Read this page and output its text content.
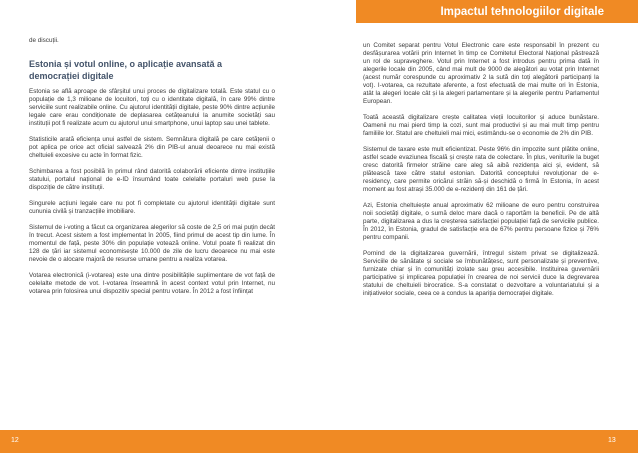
Impactul tehnologiilor digitale

de discuții.

Estonia și votul online, o aplicație avansată a democrației digitale

Estonia se află aproape de sfârșitul unui proces de digitalizare totală. Este statul cu o populație de 1,3 milioane de locuitori, toți cu o identitate digitală, în care 99% dintre serviciile sunt realizabile online. Cu ajutorul identității digitale, peste 90% dintre acțiunile legale care erau condiționate de deplasarea cetățeanului la anumite societăți sau instituții pot fi realizate acum cu ajutorul unui smartphone, unui laptop sau unei tablete.

Statisticile arată eficiența unui astfel de sistem. Semnătura digitală pe care cetățenii o pot aplica pe orice act oficial salvează 2% din PIB-ul anual deoarece nu mai există cheltuieli excesive cu acte în format fizic.

Schimbarea a fost posibilă în primul rând datorită colaborării eficiente dintre instituțiile statului, portalul național de e-ID însumând toate celelalte portaluri web puse la dispoziție de către instituții.

Singurele acțiuni legale care nu pot fi completate cu ajutorul identității digitale sunt cununia civilă și tranzacțiile imobiliare.

Sistemul de i-voting a făcut ca organizarea alegerilor să coste de 2,5 ori mai puțin decât în trecut. Acest sistem a fost implementat în 2005, fiind primul de acest tip din lume. În momentul de față, peste 30% din populație votează online. Votul poate fi realizat din 128 de țări iar sistemul economisește 10.000 de zile de lucru deoarece nu mai este nevoie de o alocare majoră de resurse umane pentru a realiza votarea.

Votarea electronică (i-votarea) este una dintre posibilitățile suplimentare de vot față de celelalte metode de vot. I-votarea înseamnă în acest context votul prin Internet, nu votarea prin folosirea unui dispozitiv special pentru votare. În 2012 a fost înființat

un Comitet separat pentru Votul Electronic care este responsabil în prezent cu desfășurarea votării prin Internet în timp ce Comitetul Electoral Național păstrează un rol de supraveghere. Votul prin Internet a fost introdus pentru prima dată în alegerile locale din 2005, când mai mult de 9000 de alegători au votat prin Internet (acest număr corespunde cu aproximativ 2 la sută din toți alegătorii participanți la vot). I-votarea, ca rezultate aferente, a fost efectuată de mai multe ori în Estonia, atât la alegeri locale cât și la alegeri parlamentare și la alegerile pentru Parlamentul European.

Toată această digitalizare crește calitatea vieții locuitorilor și aduce bunăstare. Oamenii nu mai pierd timp la cozi, sunt mai productivi și au mai mult timp pentru familiile lor. Statul are cheltuieli mai mici, estimându-se o economie de 2% din PIB.

Sistemul de taxare este mult eficientizat. Peste 96% din impozite sunt plătite online, astfel scade evaziunea fiscală și crește rata de colectare. În plus, veniturile la buget cresc datorită firmelor străine care aleg să aibă rezidența aici și, evident, să plătească taxe către statul estonian. Datorită conceptului revoluționar de e-residency, care permite oricărui străin să-și deschidă o firmă în Estonia, în acest moment au fost atrași 35.000 de e-rezidenți din 161 de țări.

Azi, Estonia cheltuiește anual aproximativ 62 milioane de euro pentru construirea noii societăți digitale, o sumă deloc mare dacă o raportăm la beneficii. Pe de altă parte, digitalizarea a dus la creșterea satisfacției populației față de serviciile publice. În 2012, în Estonia, gradul de satisfacție era de 67% pentru persoane fizice și 76% pentru companii.

Pornind de la digitalizarea guvernării, întregul sistem privat se digitalizează. Serviciile de sănătate și sociale se îmbunătățesc, sunt personalizate și preventive, furnizate chiar și în comunități izolate sau greu accesibile. Instituirea guvernării participative și implicarea populației în crearea de noi servicii duce la degrevarea statului de cheltuieli birocratice. S-a constatat o dezvoltare a voluntariatului și a inițiativelor sociale, ceea ce a condus la apariția democrației digitale.

12	13
